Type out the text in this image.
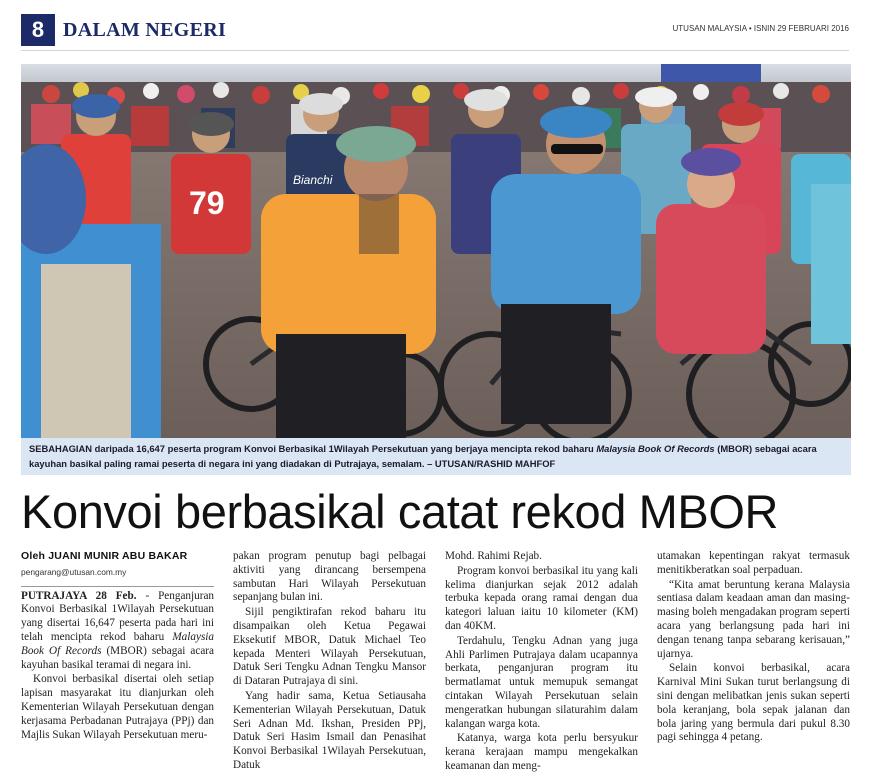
8 DALAM NEGERI	UTUSAN MALAYSIA • ISNIN 29 FEBRUARI 2016
79
Bianchi
SEBAHAGIAN daripada 16,647 peserta program Konvoi Berbasikal 1Wilayah Persekutuan yang berjaya mencipta rekod baharu Malaysia Book Of Records (MBOR) sebagai acara kayuhan basikal paling ramai peserta di negara ini yang diadakan di Putrajaya, semalam. – UTUSAN/RASHID MAHFOF
Konvoi berbasikal catat rekod MBOR
Oleh JUANI MUNIR ABU BAKAR
pengarang@utusan.com.my

PUTRAJAYA 28 Feb. - Penganjuran Konvoi Berbasikal 1Wilayah Persekutuan yang disertai 16,647 peserta pada hari ini telah mencipta rekod baharu Malaysia Book Of Records (MBOR) sebagai acara kayuhan basikal teramai di negara ini.

Konvoi berbasikal disertai oleh setiap lapisan masyarakat itu dianjurkan oleh Kementerian Wilayah Persekutuan dengan kerjasama Perbadanan Putrajaya (PPj) dan Majlis Sukan Wilayah Persekutuan meru-

pakan program penutup bagi pelbagai aktiviti yang dirancang bersempena sambutan Hari Wilayah Persekutuan sepanjang bulan ini.

Sijil pengiktirafan rekod baharu itu disampaikan oleh Ketua Pegawai Eksekutif MBOR, Datuk Michael Teo kepada Menteri Wilayah Persekutuan, Datuk Seri Tengku Adnan Tengku Mansor di Dataran Putrajaya di sini.

Yang hadir sama, Ketua Setiausaha Kementerian Wilayah Persekutuan, Datuk Seri Adnan Md. Ikshan, Presiden PPj, Datuk Seri Hasim Ismail dan Penasihat Konvoi Berbasikal 1Wilayah Persekutuan, Datuk

Mohd. Rahimi Rejab.

Program konvoi berbasikal itu yang kali kelima dianjurkan sejak 2012 adalah terbuka kepada orang ramai dengan dua kategori laluan iaitu 10 kilometer (KM) dan 40KM.

Terdahulu, Tengku Adnan yang juga Ahli Parlimen Putrajaya dalam ucapannya berkata, penganjuran program itu bermatlamat untuk memupuk semangat cintakan Wilayah Persekutuan selain mengeratkan hubungan silaturahim dalam kalangan warga kota.

Katanya, warga kota perlu bersyukur kerana kerajaan mampu mengekalkan keamanan dan meng-

utamakan kepentingan rakyat termasuk menitikberatkan soal perpaduan.

“Kita amat beruntung kerana Malaysia sentiasa dalam keadaan aman dan masing-masing boleh mengadakan program seperti acara yang berlangsung pada hari ini dengan tenang tanpa sebarang kerisauan,” ujarnya.

Selain konvoi berbasikal, acara Karnival Mini Sukan turut berlangsung di sini dengan melibatkan jenis sukan seperti bola keranjang, bola sepak jalanan dan bola jaring yang bermula dari pukul 8.30 pagi sehingga 4 petang.
